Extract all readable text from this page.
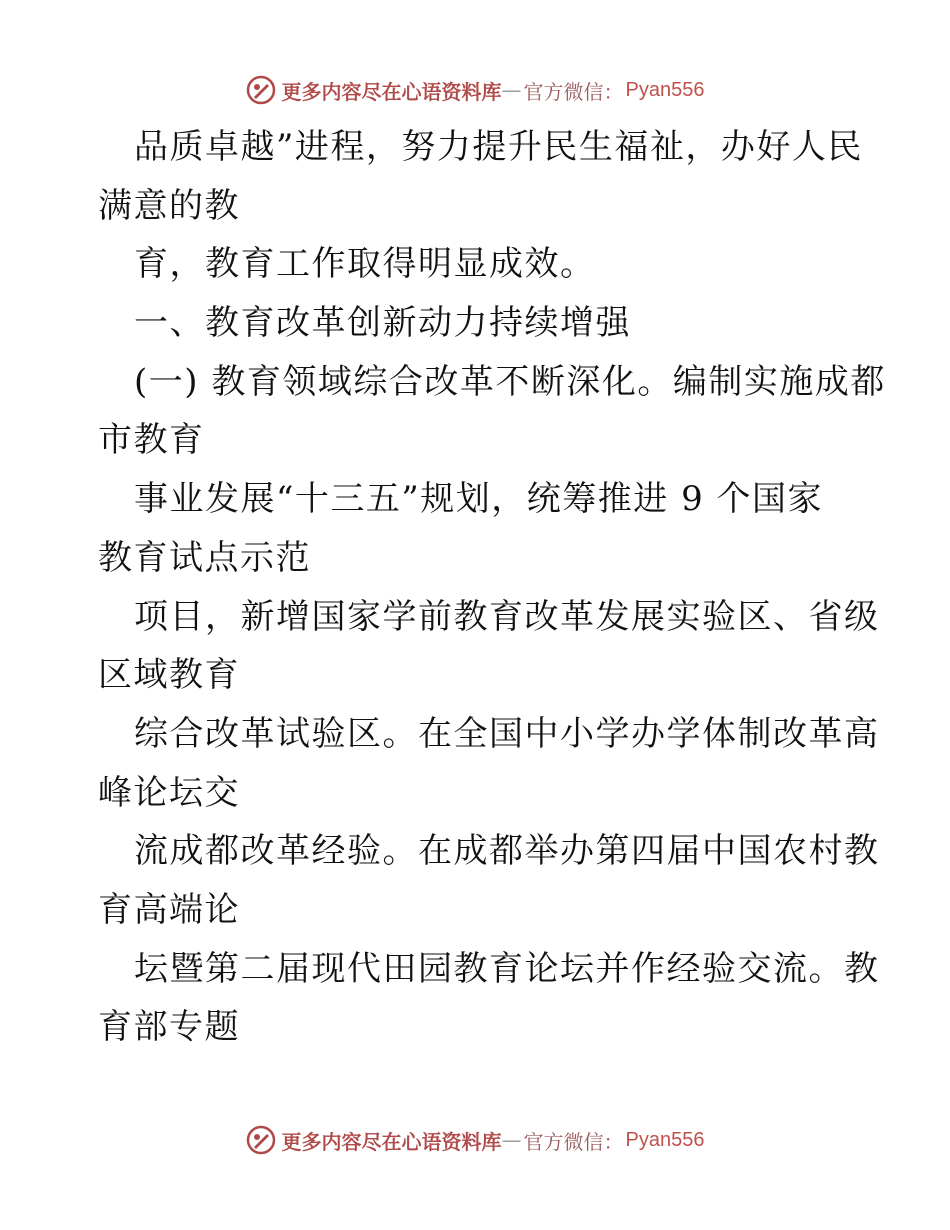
更多内容尽在心语资料库 — 官方微信： Pyan556
品质卓越”进程，努力提升民生福祉，办好人民
满意的教
育，教育工作取得明显成效。
一、教育改革创新动力持续增强
(一) 教育领域综合改革不断深化。编制实施成都
市教育
事业发展“十三五”规划，统筹推进 9 个国家
教育试点示范
项目，新增国家学前教育改革发展实验区、省级
区域教育
综合改革试验区。在全国中小学办学体制改革高
峰论坛交
流成都改革经验。在成都举办第四届中国农村教
育高端论
坛暨第二届现代田园教育论坛并作经验交流。教
育部专题
更多内容尽在心语资料库 — 官方微信： Pyan556
